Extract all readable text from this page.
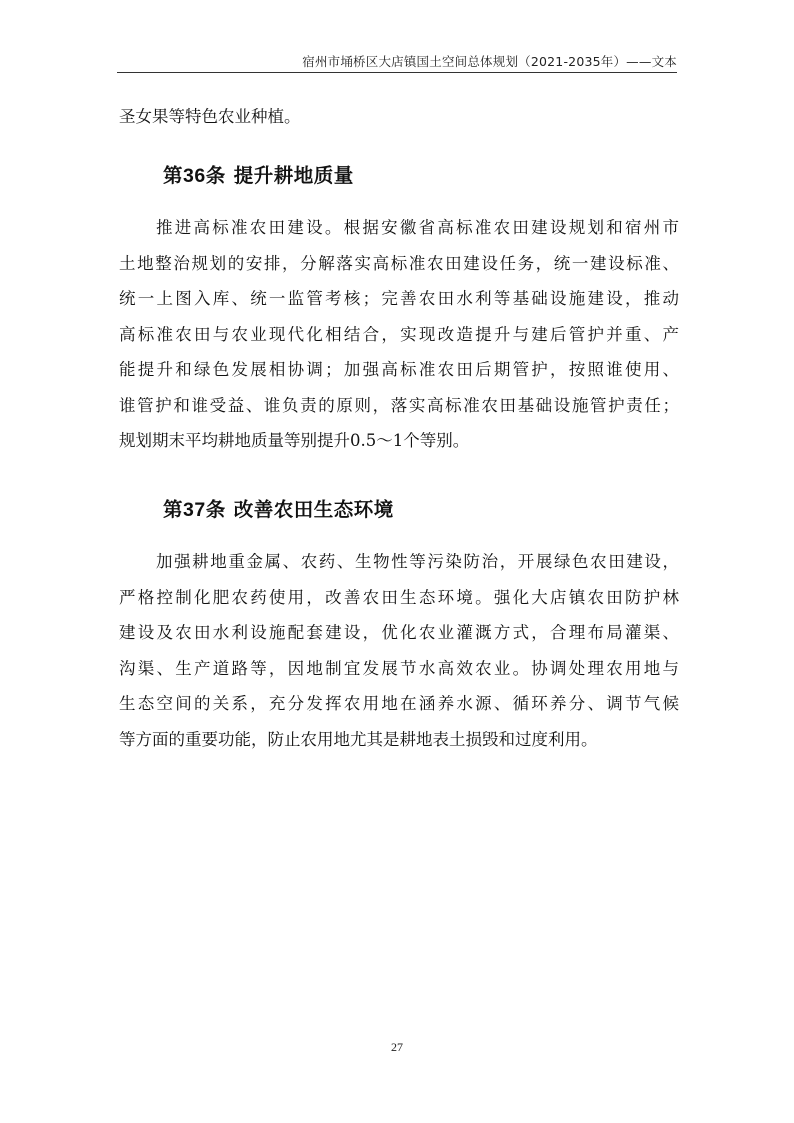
宿州市埇桥区大店镇国土空间总体规划（2021-2035年）——文本

圣女果等特色农业种植。

第36条 提升耕地质量
推进高标准农田建设。根据安徽省高标准农田建设规划和宿州市
土地整治规划的安排，分解落实高标准农田建设任务，统一建设标准、
统一上图入库、统一监管考核；完善农田水利等基础设施建设，推动
高标准农田与农业现代化相结合，实现改造提升与建后管护并重、产
能提升和绿色发展相协调；加强高标准农田后期管护，按照谁使用、
谁管护和谁受益、谁负责的原则，落实高标准农田基础设施管护责任；
规划期末平均耕地质量等别提升0.5～1个等别。
第37条 改善农田生态环境
加强耕地重金属、农药、生物性等污染防治，开展绿色农田建设，
严格控制化肥农药使用，改善农田生态环境。强化大店镇农田防护林
建设及农田水利设施配套建设，优化农业灌溉方式，合理布局灌渠、
沟渠、生产道路等，因地制宜发展节水高效农业。协调处理农用地与
生态空间的关系，充分发挥农用地在涵养水源、循环养分、调节气候
等方面的重要功能，防止农用地尤其是耕地表土损毁和过度利用。
27
